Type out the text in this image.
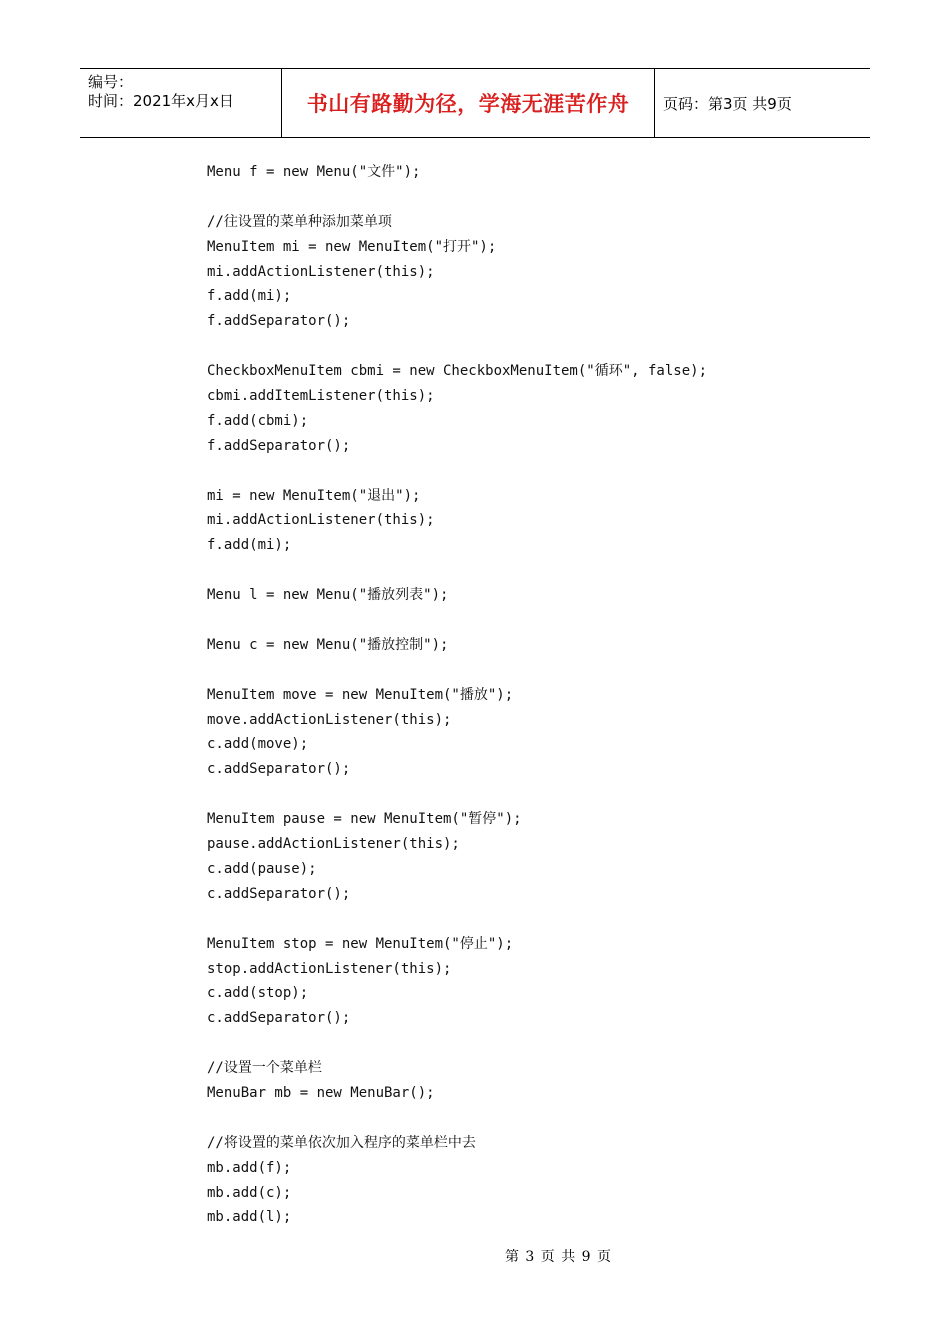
编号：
时间：2021年x月x日	书山有路勤为径，学海无涯苦作舟 页码：第3页 共9页
Menu f = new Menu("文件");
//往设置的菜单种添加菜单项
MenuItem mi = new MenuItem("打开");
mi.addActionListener(this);
f.add(mi);
f.addSeparator();
CheckboxMenuItem cbmi = new CheckboxMenuItem("循环", false);
cbmi.addItemListener(this);
f.add(cbmi);
f.addSeparator();
mi = new MenuItem("退出");
mi.addActionListener(this);
f.add(mi);
Menu l = new Menu("播放列表");
Menu c = new Menu("播放控制");
MenuItem move = new MenuItem("播放");
move.addActionListener(this);
c.add(move);
c.addSeparator();
MenuItem pause = new MenuItem("暂停");
pause.addActionListener(this);
c.add(pause);
c.addSeparator();
MenuItem stop = new MenuItem("停止");
stop.addActionListener(this);
c.add(stop);
c.addSeparator();
//设置一个菜单栏
MenuBar mb = new MenuBar();
//将设置的菜单依次加入程序的菜单栏中去
mb.add(f);
mb.add(c);
mb.add(l);
第 3 页 共 9 页
